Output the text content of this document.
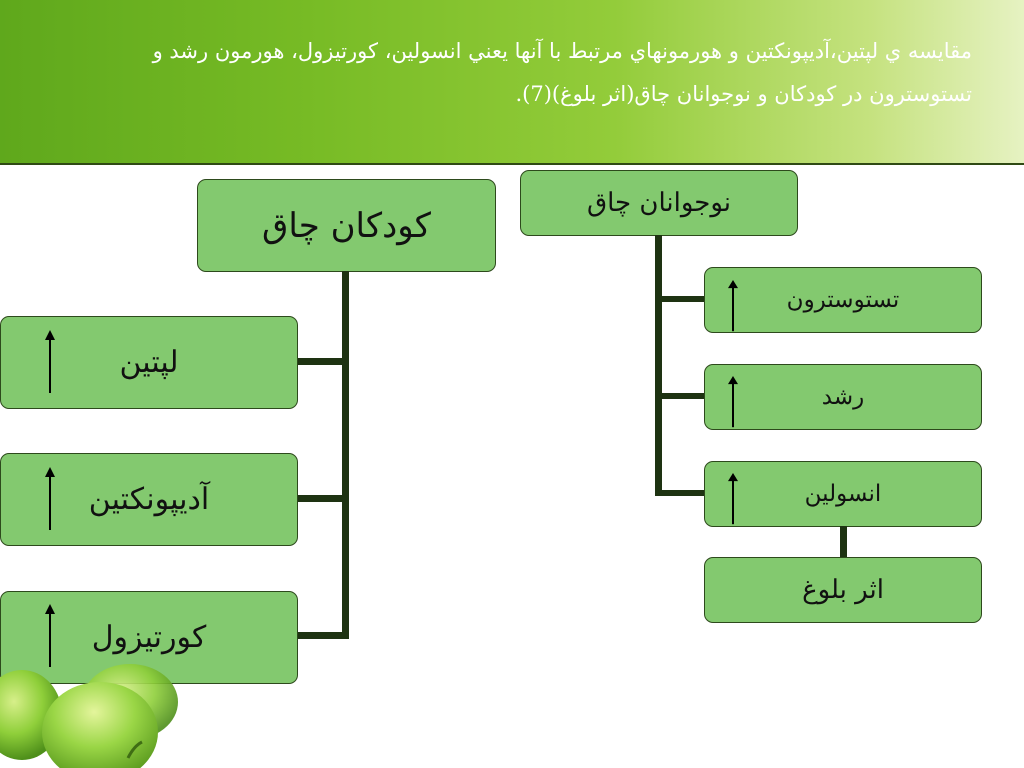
مقايسه ي لپتين،آديپونكتين و هورمونهاي مرتبط با آنها يعني انسولين، كورتيزول، هورمون رشد و تستوسترون در كودكان و نوجوانان چاق(اثر بلوغ)(7).
کودکان چاق
لپتین
آدیپونکتین
کورتیزول
نوجوانان چاق
تستوسترون
رشد
انسولین
اثر بلوغ
